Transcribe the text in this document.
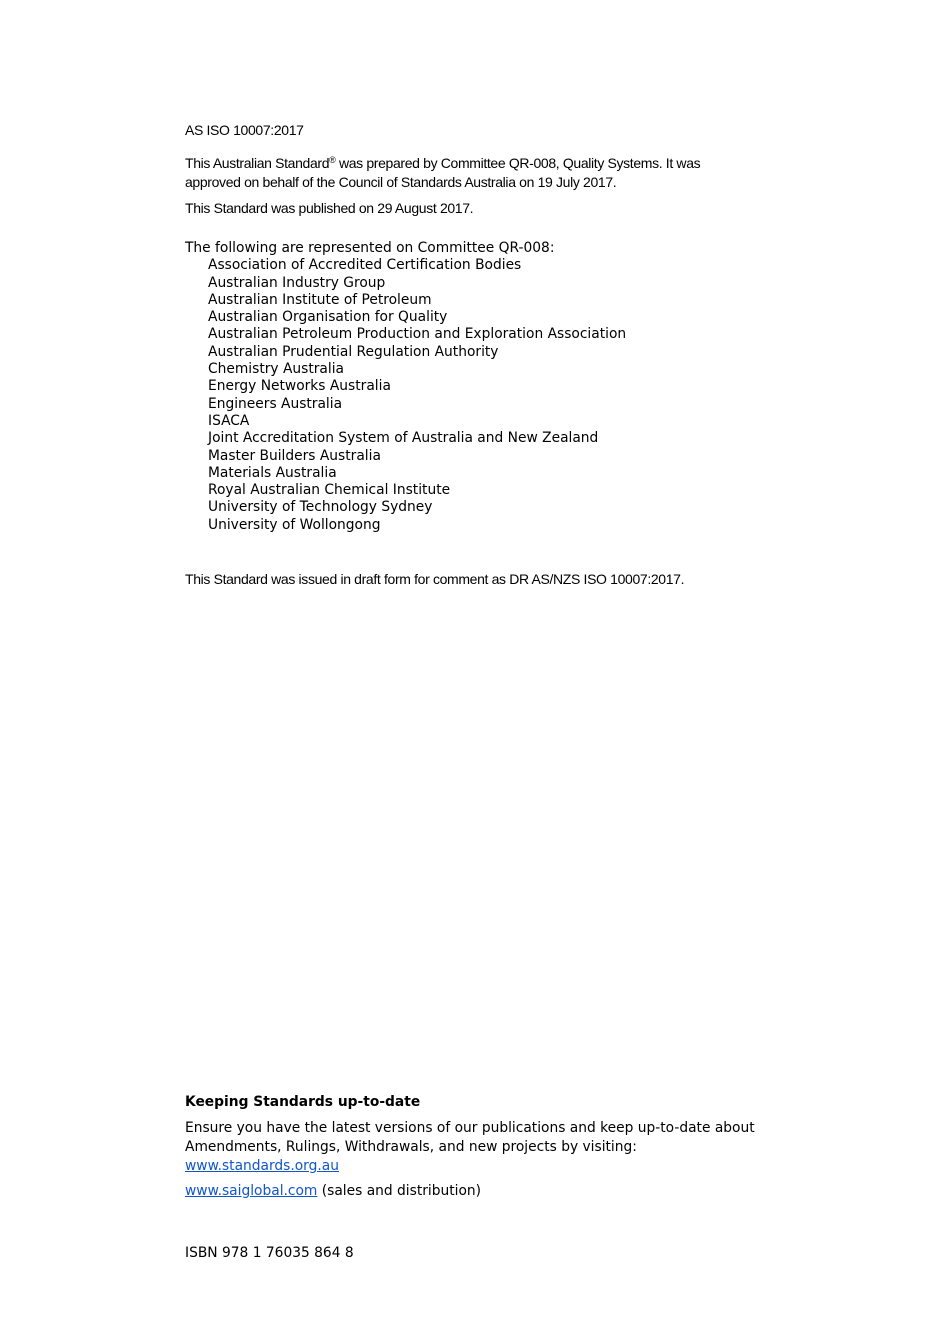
AS ISO 10007:2017

This Australian Standard® was prepared by Committee QR-008, Quality Systems. It was
approved on behalf of the Council of Standards Australia on 19 July 2017.

This Standard was published on 29 August 2017.

The following are represented on Committee QR-008:
Association of Accredited Certification Bodies
Australian Industry Group
Australian Institute of Petroleum
Australian Organisation for Quality
Australian Petroleum Production and Exploration Association
Australian Prudential Regulation Authority
Chemistry Australia
Energy Networks Australia
Engineers Australia
ISACA
Joint Accreditation System of Australia and New Zealand
Master Builders Australia
Materials Australia
Royal Australian Chemical Institute
University of Technology Sydney
University of Wollongong

This Standard was issued in draft form for comment as DR AS/NZS ISO 10007:2017.

Keeping Standards up-to-date
Ensure you have the latest versions of our publications and keep up-to-date about
Amendments, Rulings, Withdrawals, and new projects by visiting:
www.standards.org.au
www.saiglobal.com (sales and distribution)

ISBN 978 1 76035 864 8
